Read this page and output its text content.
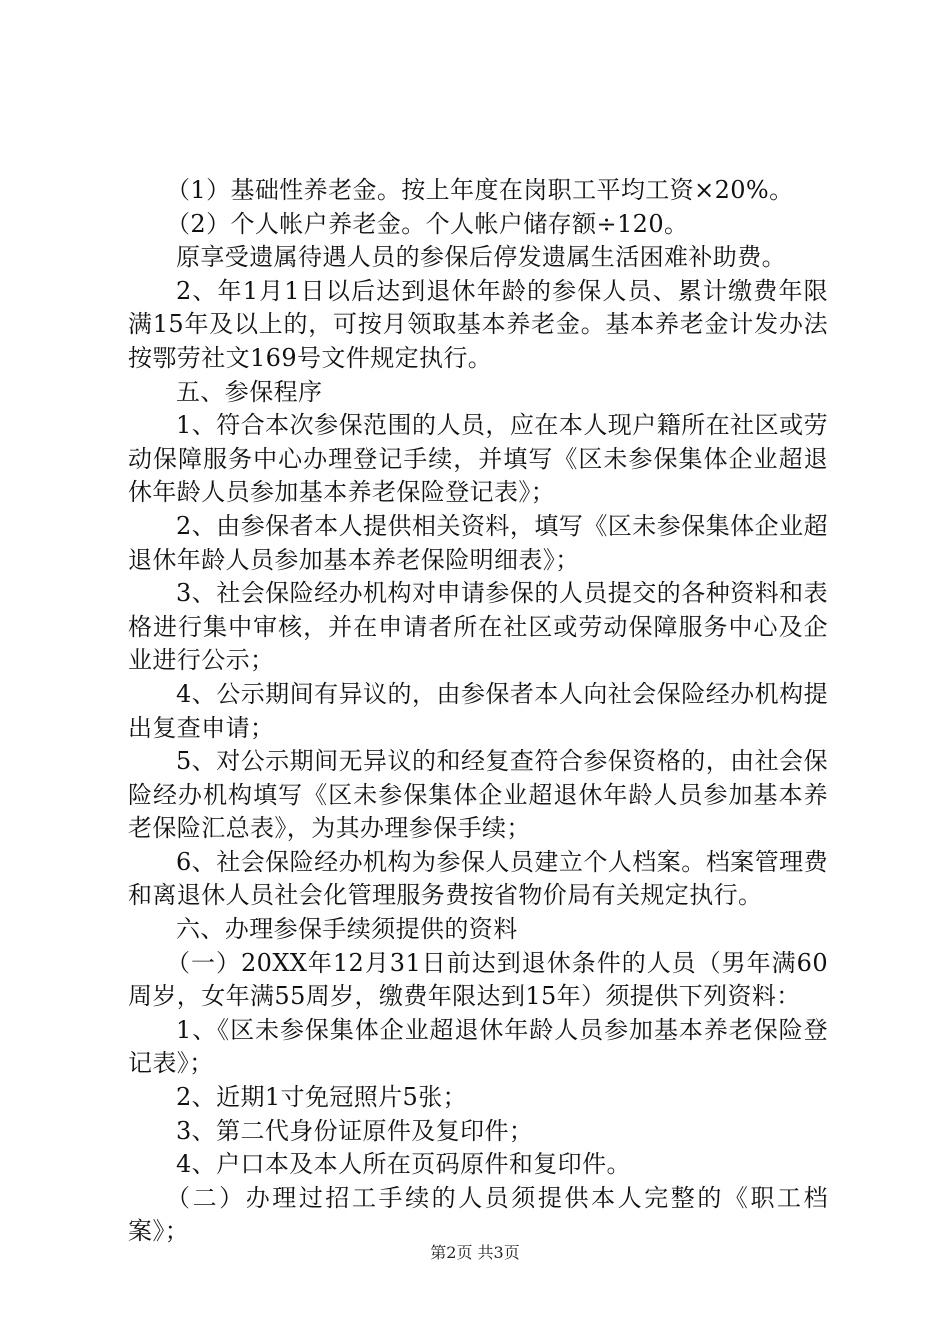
（1）基础性养老金。按上年度在岗职工平均工资×20%。

（2）个人帐户养老金。个人帐户储存额÷120。

原享受遗属待遇人员的参保后停发遗属生活困难补助费。

2、年1月1日以后达到退休年龄的参保人员、累计缴费年限满15年及以上的，可按月领取基本养老金。基本养老金计发办法按鄂劳社文169号文件规定执行。

五、参保程序

1、符合本次参保范围的人员，应在本人现户籍所在社区或劳动保障服务中心办理登记手续，并填写《区未参保集体企业超退休年龄人员参加基本养老保险登记表》；

2、由参保者本人提供相关资料，填写《区未参保集体企业超退休年龄人员参加基本养老保险明细表》；

3、社会保险经办机构对申请参保的人员提交的各种资料和表格进行集中审核，并在申请者所在社区或劳动保障服务中心及企业进行公示；

4、公示期间有异议的，由参保者本人向社会保险经办机构提出复查申请；

5、对公示期间无异议的和经复查符合参保资格的，由社会保险经办机构填写《区未参保集体企业超退休年龄人员参加基本养老保险汇总表》，为其办理参保手续；

6、社会保险经办机构为参保人员建立个人档案。档案管理费和离退休人员社会化管理服务费按省物价局有关规定执行。

六、办理参保手续须提供的资料

（一）20XX年12月31日前达到退休条件的人员（男年满60周岁，女年满55周岁，缴费年限达到15年）须提供下列资料：

1、《区未参保集体企业超退休年龄人员参加基本养老保险登记表》；

2、近期1寸免冠照片5张；

3、第二代身份证原件及复印件；

4、户口本及本人所在页码原件和复印件。

（二）办理过招工手续的人员须提供本人完整的《职工档案》；

第2页 共3页
